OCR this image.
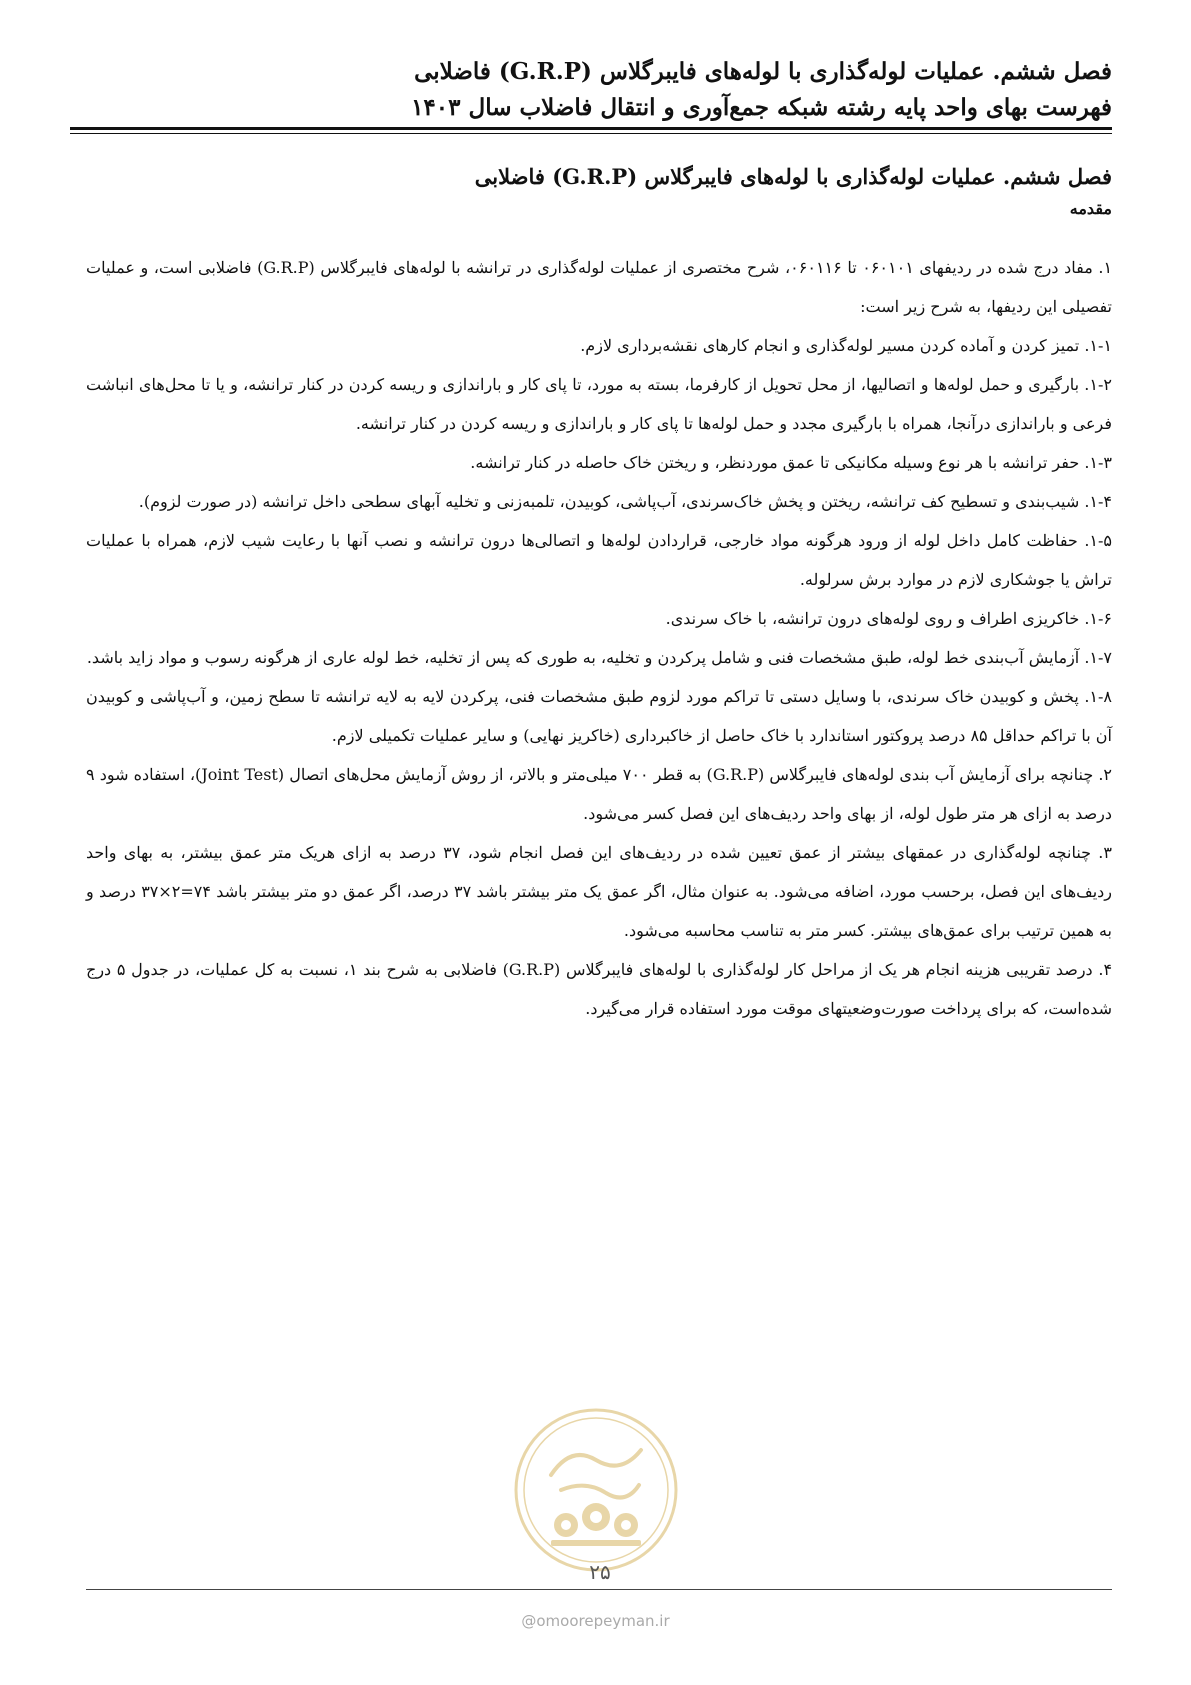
فصل ششم. عملیات لوله‌گذاری با لوله‌های فایبرگلاس (G.R.P) فاضلابی
فهرست بهای واحد پایه رشته شبکه جمع‌آوری و انتقال فاضلاب سال ۱۴۰۳
فصل ششم. عملیات لوله‌گذاری با لوله‌های فایبرگلاس (G.R.P) فاضلابی
مقدمه

۱. مفاد درج شده در ردیفهای ۰۶۰۱۰۱ تا ۰۶۰۱۱۶، شرح مختصری از عملیات لوله‌گذاری در ترانشه با لوله‌های فایبرگلاس (G.R.P) فاضلابی است، و عملیات تفصیلی این ردیفها، به شرح زیر است:

۱-۱. تمیز کردن و آماده کردن مسیر لوله‌گذاری و انجام کارهای نقشه‌برداری لازم.

۱-۲. بارگیری و حمل لوله‌ها و اتصالیها، از محل تحویل از کارفرما، بسته به مورد، تا پای کار و باراندازی و ریسه کردن در کنار ترانشه، و یا تا محل‌های انباشت فرعی و باراندازی درآنجا، همراه با بارگیری مجدد و حمل لوله‌ها تا پای کار و باراندازی و ریسه کردن در کنار ترانشه.

۱-۳. حفر ترانشه با هر نوع وسیله مکانیکی تا عمق موردنظر، و ریختن خاک حاصله در کنار ترانشه.

۱-۴. شیب‌بندی و تسطیح کف ترانشه، ریختن و پخش خاک‌سرندی، آب‌پاشی، کوبیدن، تلمبه‌زنی و تخلیه آبهای سطحی داخل ترانشه (در صورت لزوم).

۱-۵. حفاظت کامل داخل لوله از ورود هرگونه مواد خارجی، قراردادن لوله‌ها و اتصالی‌ها درون ترانشه و نصب آنها با رعایت شیب لازم، همراه با عملیات تراش یا جوشکاری لازم در موارد برش سرلوله.

۱-۶. خاکریزی اطراف و روی لوله‌های درون ترانشه، با خاک سرندی.

۱-۷. آزمایش آب‌بندی خط لوله، طبق مشخصات فنی و شامل پرکردن و تخلیه، به طوری که پس از تخلیه، خط لوله عاری از هرگونه رسوب و مواد زاید باشد.

۱-۸. پخش و کوبیدن خاک سرندی، با وسایل دستی تا تراکم مورد لزوم طبق مشخصات فنی، پرکردن لایه به لایه ترانشه تا سطح زمین، و آب‌پاشی و کوبیدن آن با تراکم حداقل ۸۵ درصد پروکتور استاندارد با خاک حاصل از خاکبرداری (خاکریز نهایی) و سایر عملیات تکمیلی لازم.

۲. چنانچه برای آزمایش آب بندی لوله‌های فایبرگلاس (G.R.P) به قطر ۷۰۰ میلی‌متر و بالاتر، از روش آزمایش محل‌های اتصال (Joint Test)، استفاده شود ۹ درصد به ازای هر متر طول لوله، از بهای واحد ردیف‌های این فصل کسر می‌شود.

۳. چنانچه لوله‌گذاری در عمقهای بیشتر از عمق تعیین شده در ردیف‌های این فصل انجام شود، ۳۷ درصد به ازای هریک متر عمق بیشتر، به بهای واحد ردیف‌های این فصل، برحسب مورد، اضافه می‌شود. به عنوان مثال، اگر عمق یک متر بیشتر باشد ۳۷ درصد، اگر عمق دو متر بیشتر باشد ۷۴=۲×۳۷ درصد و به همین ترتیب برای عمق‌های بیشتر. کسر متر به تناسب محاسبه می‌شود.

۴. درصد تقریبی هزینه انجام هر یک از مراحل کار لوله‌گذاری با لوله‌های فایبرگلاس (G.R.P) فاضلابی به شرح بند ۱، نسبت به کل عملیات، در جدول ۵ درج شده‌است، که برای پرداخت صورت‌وضعیتهای موقت مورد استفاده قرار می‌گیرد.

۲۵
@omoorepeyman.ir
